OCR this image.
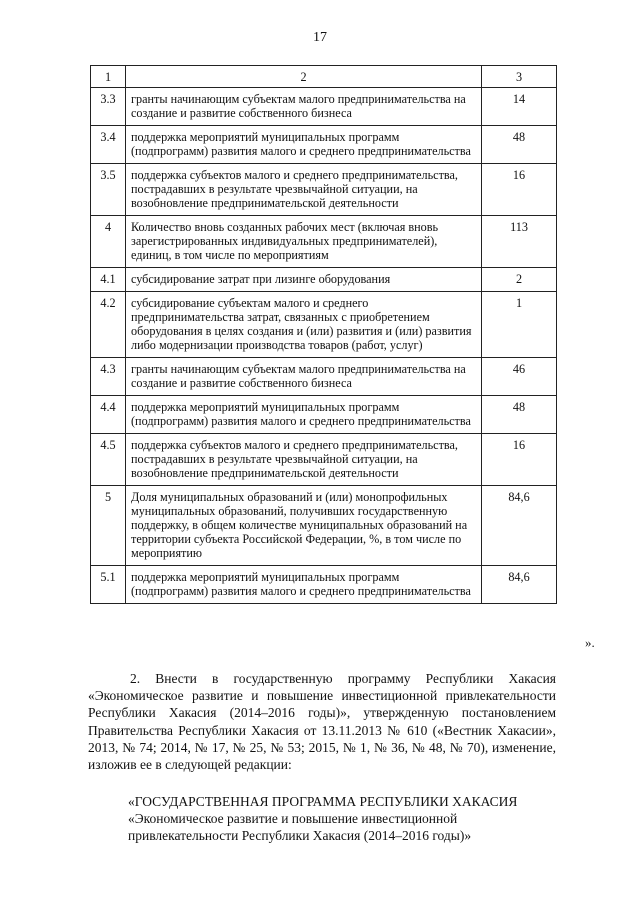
17
1	2	3
3.3	гранты начинающим субъектам малого предпринимательства на создание и развитие собственного бизнеса	14
3.4	поддержка мероприятий муниципальных программ (подпрограмм) развития малого и среднего предпринимательства	48
3.5	поддержка субъектов малого и среднего предпринимательства, пострадавших в результате чрезвычайной ситуации, на возобновление предпринимательской деятельности	16
4	Количество вновь созданных рабочих мест (включая вновь зарегистрированных индивидуальных предпринимателей), единиц, в том числе по мероприятиям	113
4.1	субсидирование затрат при лизинге оборудования	2
4.2	субсидирование субъектам малого и среднего предпринимательства затрат, связанных с приобретением оборудования в целях создания и (или) развития и (или) развития либо модернизации производства товаров (работ, услуг)	1
4.3	гранты начинающим субъектам малого предпринимательства на создание и развитие собственного бизнеса	46
4.4	поддержка мероприятий муниципальных программ (подпрограмм) развития малого и среднего предпринимательства	48
4.5	поддержка субъектов малого и среднего предпринимательства, пострадавших в результате чрезвычайной ситуации, на возобновление предпринимательской деятельности	16
5	Доля муниципальных образований и (или) монопрофильных муниципальных образований, получивших государственную поддержку, в общем количестве муниципальных образований на территории субъекта Российской Федерации, %, в том числе по мероприятию	84,6
5.1	поддержка мероприятий муниципальных программ (подпрограмм) развития малого и среднего предпринимательства	84,6
».
2. Внести в государственную программу Республики Хакасия «Экономическое развитие и повышение инвестиционной привлекательности Республики Хакасия (2014–2016 годы)», утвержденную постановлением Правительства Республики Хакасия от 13.11.2013 № 610 («Вестник Хакасии», 2013, № 74; 2014, № 17, № 25, № 53; 2015, № 1, № 36, № 48, № 70), изменение, изложив ее в следующей редакции:
«ГОСУДАРСТВЕННАЯ ПРОГРАММА РЕСПУБЛИКИ ХАКАСИЯ
«Экономическое развитие и повышение инвестиционной привлекательности Республики Хакасия (2014–2016 годы)»
